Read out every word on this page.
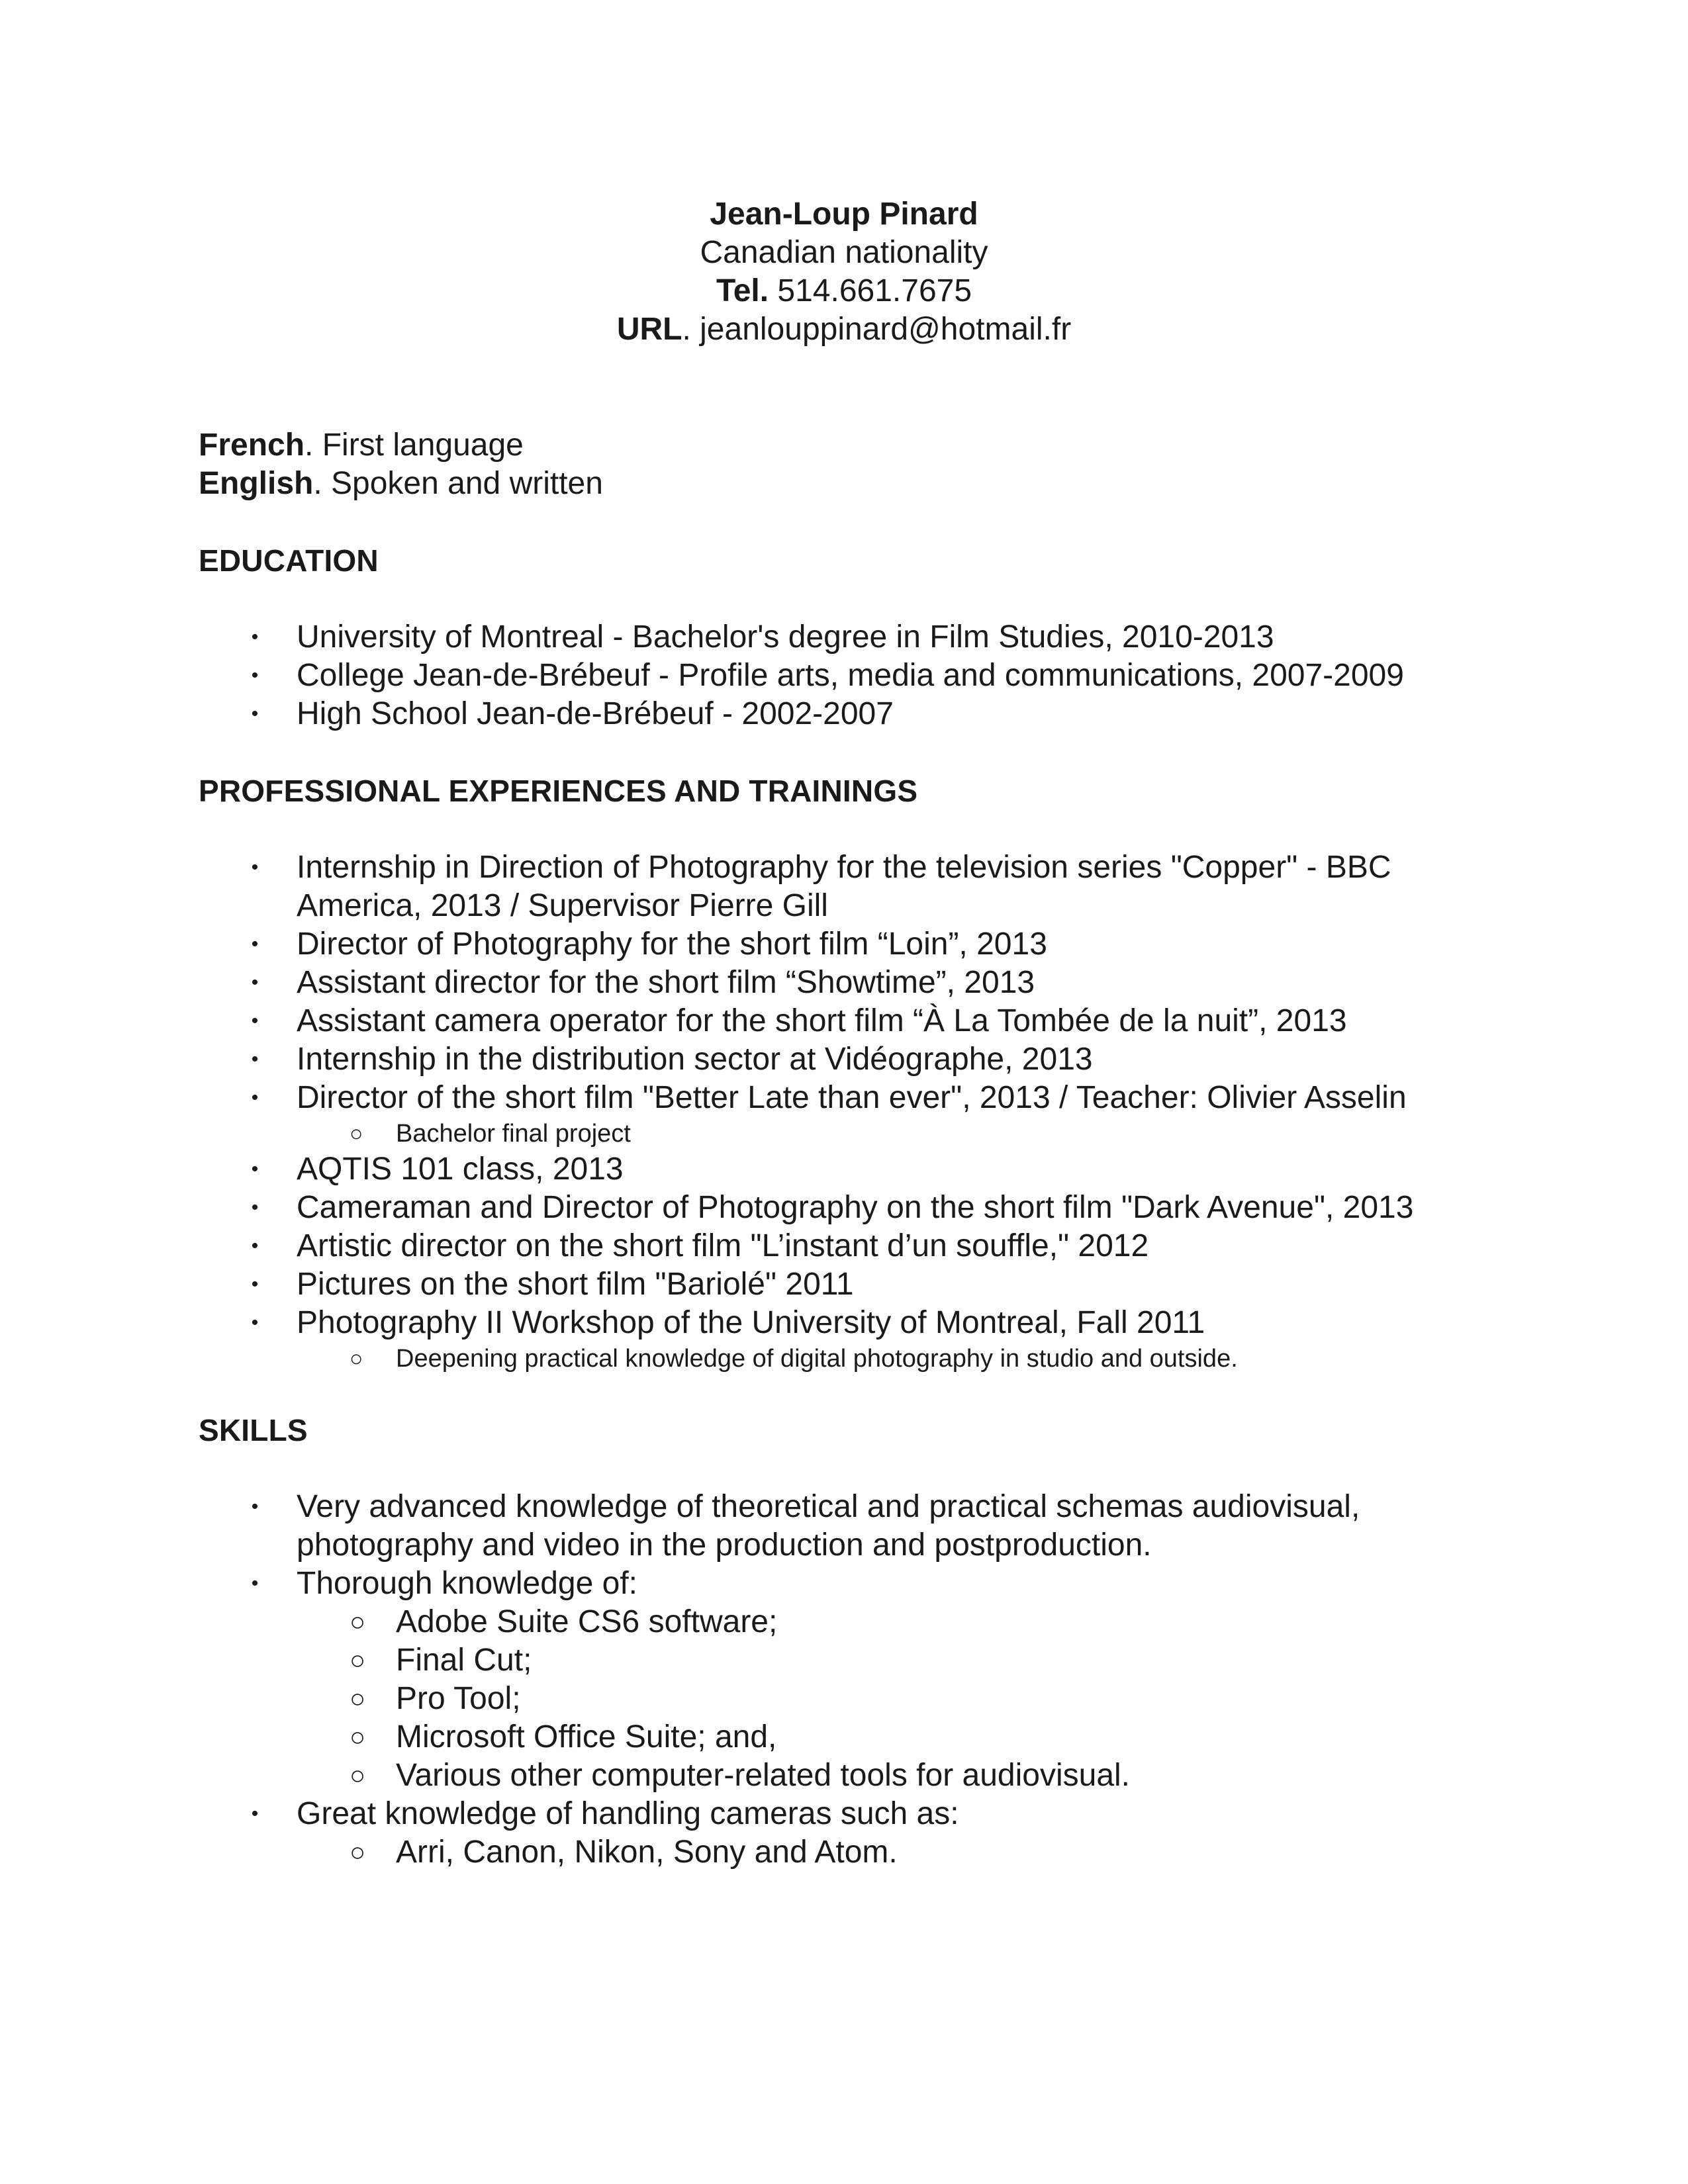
Jean-Loup Pinard
Canadian nationality
Tel. 514.661.7675
URL. jeanlouppinard@hotmail.fr
French. First language
English. Spoken and written
EDUCATION
• University of Montreal - Bachelor's degree in Film Studies, 2010-2013
• College Jean-de-Brébeuf - Profile arts, media and communications, 2007-2009
• High School Jean-de-Brébeuf - 2002-2007
PROFESSIONAL EXPERIENCES AND TRAININGS
• Internship in Direction of Photography for the television series "Copper" - BBC America, 2013 / Supervisor Pierre Gill
• Director of Photography for the short film “Loin”, 2013
• Assistant director for the short film “Showtime”, 2013
• Assistant camera operator for the short film “À La Tombée de la nuit”, 2013
• Internship in the distribution sector at Vidéographe, 2013
• Director of the short film "Better Late than ever", 2013 / Teacher: Olivier Asselin
○ Bachelor final project
• AQTIS 101 class, 2013
• Cameraman and Director of Photography on the short film "Dark Avenue", 2013
• Artistic director on the short film "L’instant d’un souffle," 2012
• Pictures on the short film "Bariolé" 2011
• Photography II Workshop of the University of Montreal, Fall 2011
○ Deepening practical knowledge of digital photography in studio and outside.
SKILLS
• Very advanced knowledge of theoretical and practical schemas audiovisual, photography and video in the production and postproduction.
• Thorough knowledge of:
○ Adobe Suite CS6 software;
○ Final Cut;
○ Pro Tool;
○ Microsoft Office Suite; and,
○ Various other computer-related tools for audiovisual.
• Great knowledge of handling cameras such as:
○ Arri, Canon, Nikon, Sony and Atom.
